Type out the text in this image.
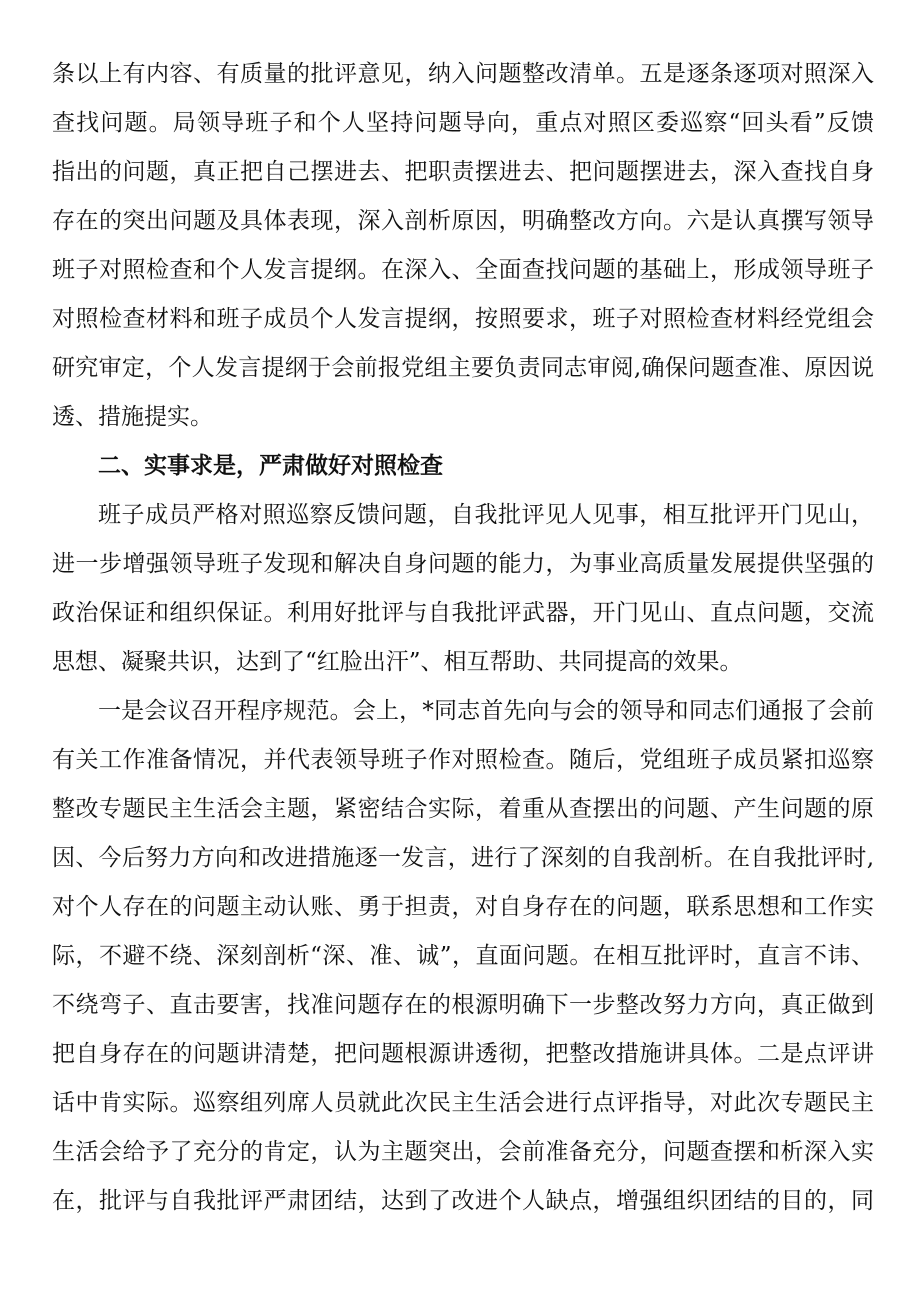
条以上有内容、有质量的批评意见，纳入问题整改清单。五是逐条逐项对照深入
查找问题。局领导班子和个人坚持问题导向，重点对照区委巡察“回头看”反馈
指出的问题，真正把自己摆进去、把职责摆进去、把问题摆进去，深入查找自身
存在的突出问题及具体表现，深入剖析原因，明确整改方向。六是认真撰写领导
班子对照检查和个人发言提纲。在深入、全面查找问题的基础上，形成领导班子
对照检查材料和班子成员个人发言提纲，按照要求，班子对照检查材料经党组会
研究审定，个人发言提纲于会前报党组主要负责同志审阅,确保问题查准、原因说
透、措施提实。
二、实事求是，严肃做好对照检查
班子成员严格对照巡察反馈问题，自我批评见人见事，相互批评开门见山，
进一步增强领导班子发现和解决自身问题的能力，为事业高质量发展提供坚强的
政治保证和组织保证。利用好批评与自我批评武器，开门见山、直点问题，交流
思想、凝聚共识，达到了“红脸出汗”、相互帮助、共同提高的效果。
一是会议召开程序规范。会上，*同志首先向与会的领导和同志们通报了会前
有关工作准备情况，并代表领导班子作对照检查。随后，党组班子成员紧扣巡察
整改专题民主生活会主题，紧密结合实际，着重从查摆出的问题、产生问题的原
因、今后努力方向和改进措施逐一发言，进行了深刻的自我剖析。在自我批评时,
对个人存在的问题主动认账、勇于担责，对自身存在的问题，联系思想和工作实
际，不避不绕、深刻剖析“深、准、诚”，直面问题。在相互批评时，直言不讳、
不绕弯子、直击要害，找准问题存在的根源明确下一步整改努力方向，真正做到
把自身存在的问题讲清楚，把问题根源讲透彻，把整改措施讲具体。二是点评讲
话中肯实际。巡察组列席人员就此次民主生活会进行点评指导，对此次专题民主
生活会给予了充分的肯定，认为主题突出，会前准备充分，问题查摆和析深入实
在，批评与自我批评严肃团结，达到了改进个人缺点，增强组织团结的目的，同
